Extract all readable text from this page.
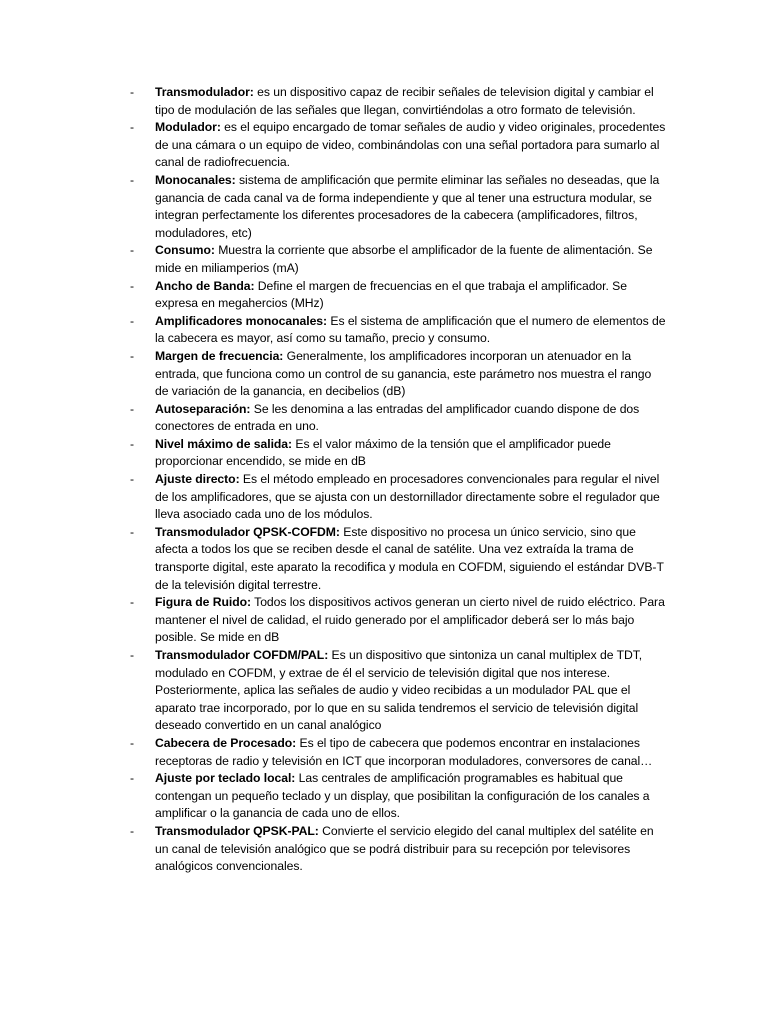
- Transmodulador: es un dispositivo capaz de recibir señales de television digital y cambiar el tipo de modulación de las señales que llegan, convirtiéndolas a otro formato de televisión.
- Modulador: es el equipo encargado de tomar señales de audio y video originales, procedentes de una cámara o un equipo de video, combinándolas con una señal portadora para sumarlo al canal de radiofrecuencia.
- Monocanales: sistema de amplificación que permite eliminar las señales no deseadas, que la ganancia de cada canal va de forma independiente y que al tener una estructura modular, se integran perfectamente los diferentes procesadores de la cabecera (amplificadores, filtros, moduladores, etc)
- Consumo: Muestra la corriente que absorbe el amplificador de la fuente de alimentación. Se mide en miliamperios (mA)
- Ancho de Banda: Define el margen de frecuencias en el que trabaja el amplificador. Se expresa en megahercios (MHz)
- Amplificadores monocanales: Es el sistema de amplificación que el numero de elementos de la cabecera es mayor, así como su tamaño, precio y consumo.
- Margen de frecuencia: Generalmente, los amplificadores incorporan un atenuador en la entrada, que funciona como un control de su ganancia, este parámetro nos muestra el rango de variación de la ganancia, en decibelios (dB)
- Autoseparación: Se les denomina a las entradas del amplificador cuando dispone de dos conectores de entrada en uno.
- Nivel máximo de salida: Es el valor máximo de la tensión que el amplificador puede proporcionar encendido, se mide en dB
- Ajuste directo: Es el método empleado en procesadores convencionales para regular el nivel de los amplificadores, que se ajusta con un destornillador directamente sobre el regulador que lleva asociado cada uno de los módulos.
- Transmodulador QPSK-COFDM: Este dispositivo no procesa un único servicio, sino que afecta a todos los que se reciben desde el canal de satélite. Una vez extraída la trama de transporte digital, este aparato la recodifica y modula en COFDM, siguiendo el estándar DVB-T de la televisión digital terrestre.
- Figura de Ruido: Todos los dispositivos activos generan un cierto nivel de ruido eléctrico. Para mantener el nivel de calidad, el ruido generado por el amplificador deberá ser lo más bajo posible. Se mide en dB
- Transmodulador COFDM/PAL: Es un dispositivo que sintoniza un canal multiplex de TDT, modulado en COFDM, y extrae de él el servicio de televisión digital que nos interese. Posteriormente, aplica las señales de audio y video recibidas a un modulador PAL que el aparato trae incorporado, por lo que en su salida tendremos el servicio de televisión digital deseado convertido en un canal analógico
- Cabecera de Procesado: Es el tipo de cabecera que podemos encontrar en instalaciones receptoras de radio y televisión en ICT que incorporan moduladores, conversores de canal…
- Ajuste por teclado local: Las centrales de amplificación programables es habitual que contengan un pequeño teclado y un display, que posibilitan la configuración de los canales a amplificar o la ganancia de cada uno de ellos.
- Transmodulador QPSK-PAL: Convierte el servicio elegido del canal multiplex del satélite en un canal de televisión analógico que se podrá distribuir para su recepción por televisores analógicos convencionales.
